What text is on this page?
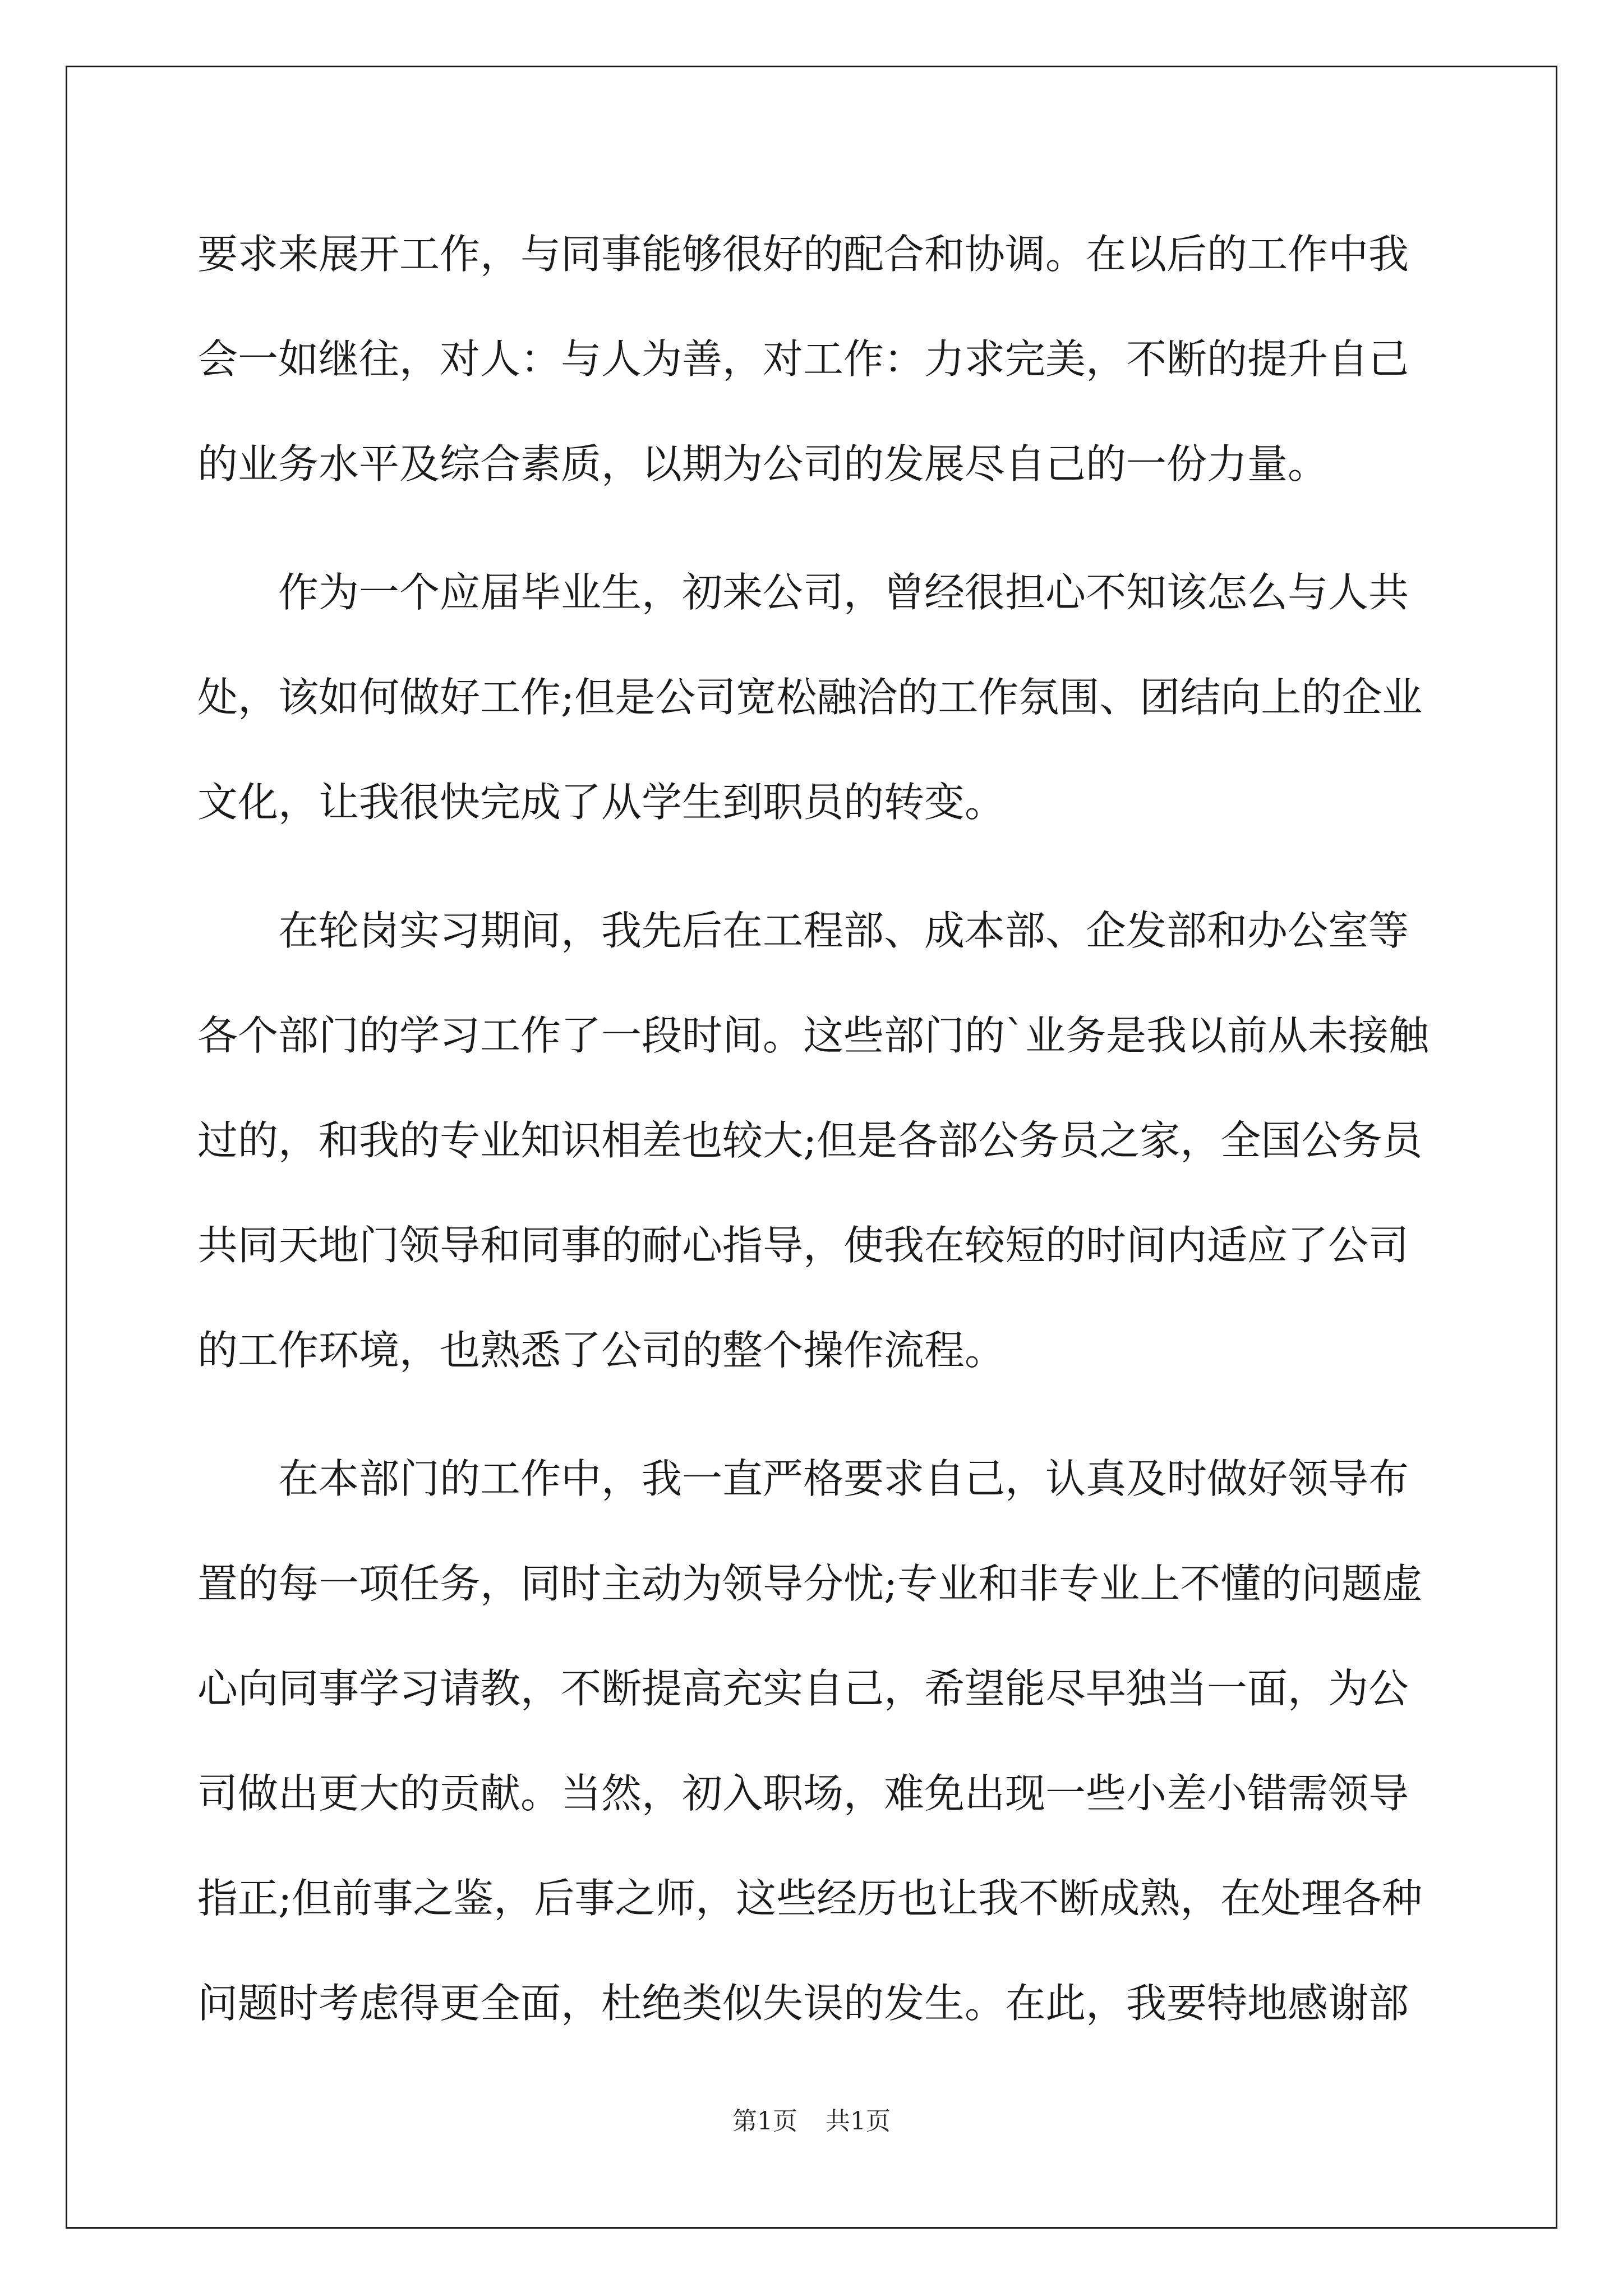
要求来展开工作，与同事能够很好的配合和协调。在以后的工作中我
会一如继往，对人：与人为善，对工作：力求完美，不断的提升自己
的业务水平及综合素质，以期为公司的发展尽自己的一份力量。
　　作为一个应届毕业生，初来公司，曾经很担心不知该怎么与人共
处，该如何做好工作;但是公司宽松融洽的工作氛围、团结向上的企业
文化，让我很快完成了从学生到职员的转变。
　　在轮岗实习期间，我先后在工程部、成本部、企发部和办公室等
各个部门的学习工作了一段时间。这些部门的`业务是我以前从未接触
过的，和我的专业知识相差也较大;但是各部公务员之家，全国公务员
共同天地门领导和同事的耐心指导，使我在较短的时间内适应了公司
的工作环境，也熟悉了公司的整个操作流程。
　　在本部门的工作中，我一直严格要求自己，认真及时做好领导布
置的每一项任务，同时主动为领导分忧;专业和非专业上不懂的问题虚
心向同事学习请教，不断提高充实自己，希望能尽早独当一面，为公
司做出更大的贡献。当然，初入职场，难免出现一些小差小错需领导
指正;但前事之鉴，后事之师，这些经历也让我不断成熟，在处理各种
问题时考虑得更全面，杜绝类似失误的发生。在此，我要特地感谢部
第1页 共1页
